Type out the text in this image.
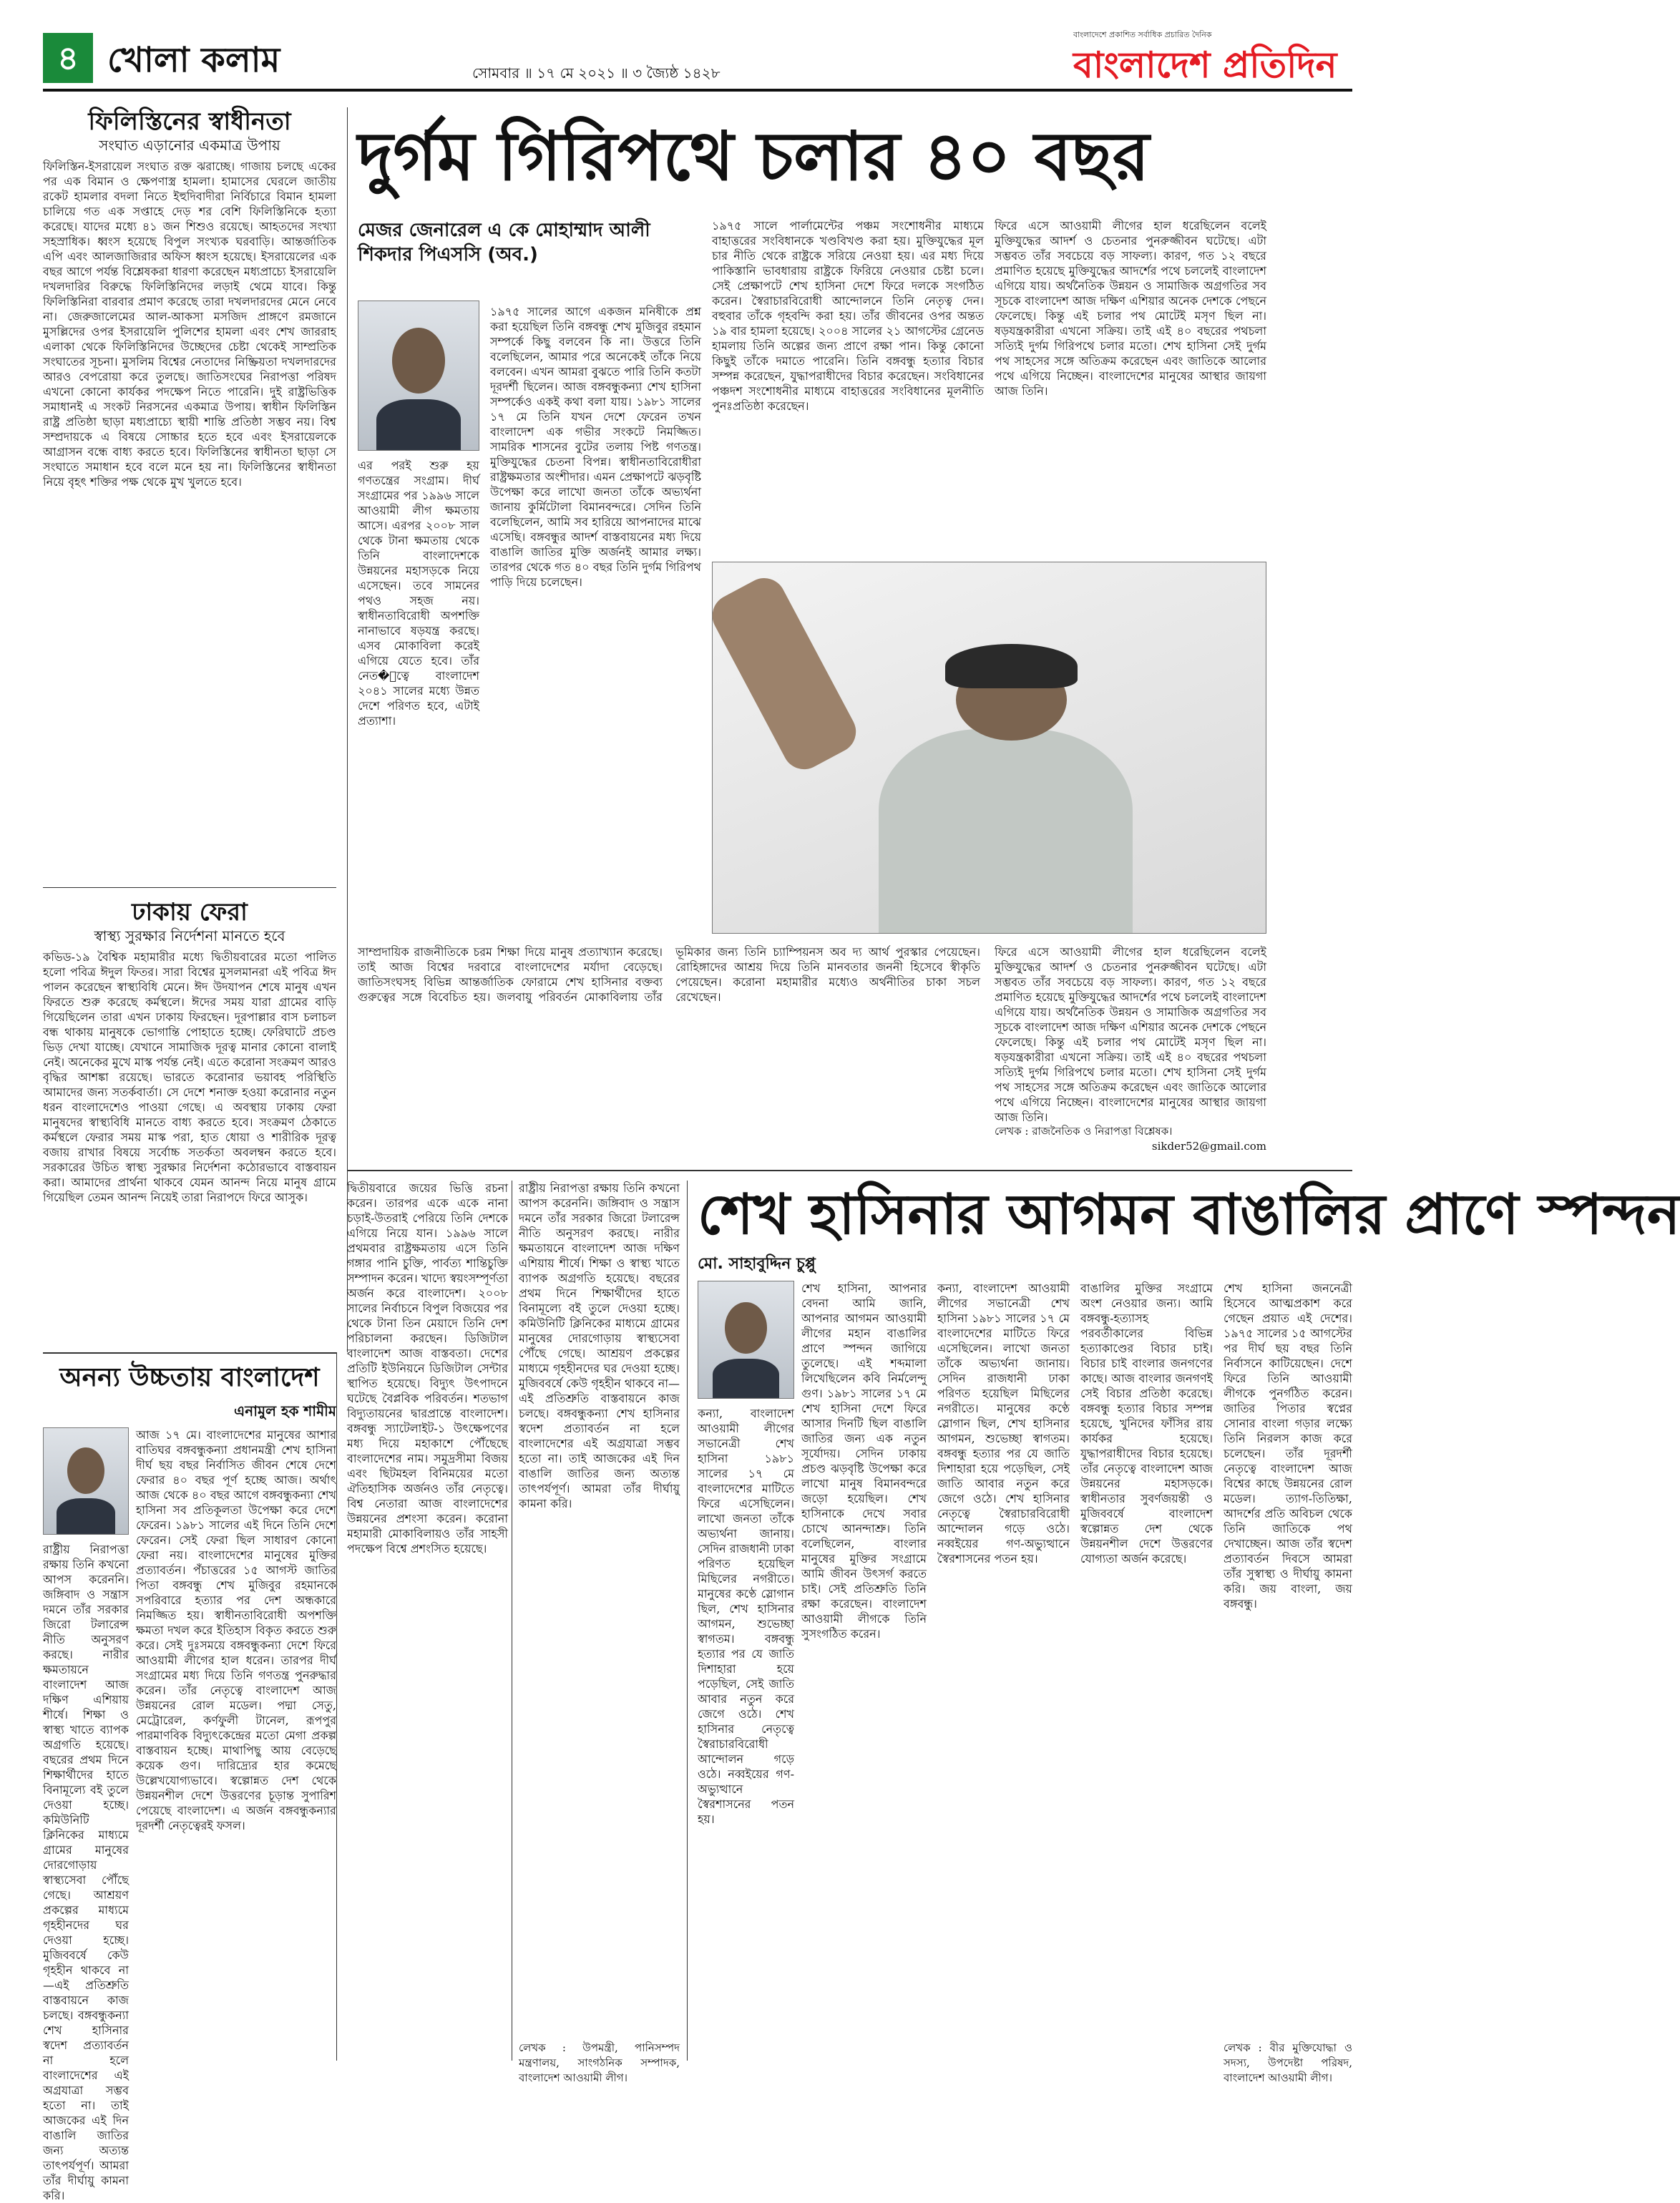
৪ খোলা কলাম	সোমবার ॥ ১৭ মে ২০২১ ॥ ৩ জ্যৈষ্ঠ ১৪২৮
বাংলাদেশে প্রকাশিত সর্বাধিক প্রচারিত দৈনিক
বাংলাদেশ প্রতিদিন
ফিলিস্তিনের স্বাধীনতা
সংঘাত এড়ানোর একমাত্র উপায়

ফিলিস্তিন-ইসরায়েল সংঘাত রক্ত ঝরাচ্ছে। গাজায় চলছে একের পর এক বিমান ও ক্ষেপণাস্ত্র হামলা। হামাসের ঘেরলে জাতীয় রকেট হামলার বদলা নিতে ইহুদিবাদীরা নির্বিচারে বিমান হামলা চালিয়ে গত এক সপ্তাহে দেড় শর বেশি ফিলিস্তিনিকে হত্যা করেছে। যাদের মধ্যে ৪১ জন শিশুও রয়েছে। আহতদের সংখ্যা সহস্রাধিক। ধ্বংস হয়েছে বিপুল সংখ্যক ঘরবাড়ি। আন্তর্জাতিক এপি এবং আলজাজিরার অফিস ধ্বংস হয়েছে। ইসরায়েলের এক বছর আগে পর্যন্ত বিশ্লেষকরা ধারণা করেছেন মধ্যপ্রাচ্যে ইসরায়েলি দখলদারির বিরুদ্ধে ফিলিস্তিনিদের লড়াই থেমে যাবে। কিন্তু ফিলিস্তিনিরা বারবার প্রমাণ করেছে তারা দখলদারদের মেনে নেবে না। জেরুজালেমের আল-আকসা মসজিদ প্রাঙ্গণে রমজানে মুসল্লিদের ওপর ইসরায়েলি পুলিশের হামলা এবং শেখ জাররাহ এলাকা থেকে ফিলিস্তিনিদের উচ্ছেদের চেষ্টা থেকেই সাম্প্রতিক সংঘাতের সূচনা। মুসলিম বিশ্বের নেতাদের নিষ্ক্রিয়তা দখলদারদের আরও বেপরোয়া করে তুলছে। জাতিসংঘের নিরাপত্তা পরিষদ এখনো কোনো কার্যকর পদক্ষেপ নিতে পারেনি। দুই রাষ্ট্রভিত্তিক সমাধানই এ সংকট নিরসনের একমাত্র উপায়। স্বাধীন ফিলিস্তিন রাষ্ট্র প্রতিষ্ঠা ছাড়া মধ্যপ্রাচ্যে স্থায়ী শান্তি প্রতিষ্ঠা সম্ভব নয়। বিশ্ব সম্প্রদায়কে এ বিষয়ে সোচ্চার হতে হবে এবং ইসরায়েলকে আগ্রাসন বন্ধে বাধ্য করতে হবে। ফিলিস্তিনের স্বাধীনতা ছাড়া সে সংঘাতে সমাধান হবে বলে মনে হয় না। ফিলিস্তিনের স্বাধীনতা নিয়ে বৃহৎ শক্তির পক্ষ থেকে মুখ খুলতে হবে।

ঢাকায় ফেরা
স্বাস্থ্য সুরক্ষার নির্দেশনা মানতে হবে

কভিড-১৯ বৈশ্বিক মহামারীর মধ্যে দ্বিতীয়বারের মতো পালিত হলো পবিত্র ঈদুল ফিতর। সারা বিশ্বের মুসলমানরা এই পবিত্র ঈদ পালন করেছেন স্বাস্থ্যবিধি মেনে। ঈদ উদযাপন শেষে মানুষ এখন ফিরতে শুরু করেছে কর্মস্থলে। ঈদের সময় যারা গ্রামের বাড়ি গিয়েছিলেন তারা এখন ঢাকায় ফিরছেন। দূরপাল্লার বাস চলাচল বন্ধ থাকায় মানুষকে ভোগান্তি পোহাতে হচ্ছে। ফেরিঘাটে প্রচণ্ড ভিড় দেখা যাচ্ছে। যেখানে সামাজিক দূরত্ব মানার কোনো বালাই নেই। অনেকের মুখে মাস্ক পর্যন্ত নেই। এতে করোনা সংক্রমণ আরও বৃদ্ধির আশঙ্কা রয়েছে। ভারতে করোনার ভয়াবহ পরিস্থিতি আমাদের জন্য সতর্কবার্তা। সে দেশে শনাক্ত হওয়া করোনার নতুন ধরন বাংলাদেশেও পাওয়া গেছে। এ অবস্থায় ঢাকায় ফেরা মানুষদের স্বাস্থ্যবিধি মানতে বাধ্য করতে হবে। সংক্রমণ ঠেকাতে কর্মস্থলে ফেরার সময় মাস্ক পরা, হাত ধোয়া ও শারীরিক দূরত্ব বজায় রাখার বিষয়ে সর্বোচ্চ সতর্কতা অবলম্বন করতে হবে। সরকারের উচিত স্বাস্থ্য সুরক্ষার নির্দেশনা কঠোরভাবে বাস্তবায়ন করা। আমাদের প্রার্থনা থাকবে যেমন আনন্দ নিয়ে মানুষ গ্রামে গিয়েছিল তেমন আনন্দ নিয়েই তারা নিরাপদে ফিরে আসুক।

দুর্গম গিরিপথে চলার ৪০ বছর
মেজর জেনারেল এ কে মোহাম্মাদ আলী শিকদার পিএসসি (অব.)

১৯৭৫ সালের আগে একজন মনিষীকে প্রশ্ন করা হয়েছিল তিনি বঙ্গবন্ধু শেখ মুজিবুর রহমান সম্পর্কে কিছু বলবেন কি না। উত্তরে তিনি বলেছিলেন, আমার পরে অনেকেই তাঁকে নিয়ে বলবেন। এখন আমরা বুঝতে পারি তিনি কতটা দূরদর্শী ছিলেন। আজ বঙ্গবন্ধুকন্যা শেখ হাসিনা সম্পর্কেও একই কথা বলা যায়। ১৯৮১ সালের ১৭ মে তিনি যখন দেশে ফেরেন তখন বাংলাদেশ এক গভীর সংকটে নিমজ্জিত। সামরিক শাসনের বুটের তলায় পিষ্ট গণতন্ত্র। মুক্তিযুদ্ধের চেতনা বিপন্ন। স্বাধীনতাবিরোধীরা রাষ্ট্রক্ষমতার অংশীদার। এমন প্রেক্ষাপটে ঝড়বৃষ্টি উপেক্ষা করে লাখো জনতা তাঁকে অভ্যর্থনা জানায় কুর্মিটোলা বিমানবন্দরে। সেদিন তিনি বলেছিলেন, আমি সব হারিয়ে আপনাদের মাঝে এসেছি। বঙ্গবন্ধুর আদর্শ বাস্তবায়নের মধ্য দিয়ে বাঙালি জাতির মুক্তি অর্জনই আমার লক্ষ্য। তারপর থেকে গত ৪০ বছর তিনি দুর্গম গিরিপথ পাড়ি দিয়ে চলেছেন।

এর পরই শুরু হয় গণতন্ত্রের সংগ্রাম। দীর্ঘ সংগ্রামের পর ১৯৯৬ সালে আওয়ামী লীগ ক্ষমতায় আসে। এরপর ২০০৮ সাল থেকে টানা ক্ষমতায় থেকে তিনি বাংলাদেশকে উন্নয়নের মহাসড়কে নিয়ে এসেছেন। তবে সামনের পথও সহজ নয়। স্বাধীনতাবিরোধী অপশক্তি নানাভাবে ষড়যন্ত্র করছে। এসব মোকাবিলা করেই এগিয়ে যেতে হবে। তাঁর নেত�ৃত্বে বাংলাদেশ ২০৪১ সালের মধ্যে উন্নত দেশে পরিণত হবে, এটাই প্রত্যাশা।

১৯৭৫ সালে পার্লামেন্টের পঞ্চম সংশোধনীর মাধ্যমে বাহাত্তরের সংবিধানকে খণ্ডবিখণ্ড করা হয়। মুক্তিযুদ্ধের মূল চার নীতি থেকে রাষ্ট্রকে সরিয়ে নেওয়া হয়। এর মধ্য দিয়ে পাকিস্তানি ভাবধারায় রাষ্ট্রকে ফিরিয়ে নেওয়ার চেষ্টা চলে। সেই প্রেক্ষাপটে শেখ হাসিনা দেশে ফিরে দলকে সংগঠিত করেন। স্বৈরাচারবিরোধী আন্দোলনে তিনি নেতৃত্ব দেন। বহুবার তাঁকে গৃহবন্দি করা হয়। তাঁর জীবনের ওপর অন্তত ১৯ বার হামলা হয়েছে। ২০০৪ সালের ২১ আগস্টের গ্রেনেড হামলায় তিনি অল্পের জন্য প্রাণে রক্ষা পান। কিন্তু কোনো কিছুই তাঁকে দমাতে পারেনি। তিনি বঙ্গবন্ধু হত্যার বিচার সম্পন্ন করেছেন, যুদ্ধাপরাধীদের বিচার করেছেন। সংবিধানের পঞ্চদশ সংশোধনীর মাধ্যমে বাহাত্তরের সংবিধানের মূলনীতি পুনঃপ্রতিষ্ঠা করেছেন।

ফিরে এসে আওয়ামী লীগের হাল ধরেছিলেন বলেই মুক্তিযুদ্ধের আদর্শ ও চেতনার পুনরুজ্জীবন ঘটেছে। এটা সম্ভবত তাঁর সবচেয়ে বড় সাফল্য। কারণ, গত ১২ বছরে প্রমাণিত হয়েছে মুক্তিযুদ্ধের আদর্শের পথে চললেই বাংলাদেশ এগিয়ে যায়। অর্থনৈতিক উন্নয়ন ও সামাজিক অগ্রগতির সব সূচকে বাংলাদেশ আজ দক্ষিণ এশিয়ার অনেক দেশকে পেছনে ফেলেছে। কিন্তু এই চলার পথ মোটেই মসৃণ ছিল না। ষড়যন্ত্রকারীরা এখনো সক্রিয়। তাই এই ৪০ বছরের পথচলা সত্যিই দুর্গম গিরিপথে চলার মতো। শেখ হাসিনা সেই দুর্গম পথ সাহসের সঙ্গে অতিক্রম করেছেন এবং জাতিকে আলোর পথে এগিয়ে নিচ্ছেন। বাংলাদেশের মানুষের আস্থার জায়গা আজ তিনি।

সাম্প্রদায়িক রাজনীতিকে চরম শিক্ষা দিয়ে মানুষ প্রত্যাখ্যান করেছে। তাই আজ বিশ্বের দরবারে বাংলাদেশের মর্যাদা বেড়েছে। জাতিসংঘসহ বিভিন্ন আন্তর্জাতিক ফোরামে শেখ হাসিনার বক্তব্য গুরুত্বের সঙ্গে বিবেচিত হয়। জলবায়ু পরিবর্তন মোকাবিলায় তাঁর ভূমিকার জন্য তিনি চ্যাম্পিয়নস অব দ্য আর্থ পুরস্কার পেয়েছেন। রোহিঙ্গাদের আশ্রয় দিয়ে তিনি মানবতার জননী হিসেবে স্বীকৃতি পেয়েছেন। করোনা মহামারীর মধ্যেও অর্থনীতির চাকা সচল রেখেছেন।

ফিরে এসে আওয়ামী লীগের হাল ধরেছিলেন বলেই মুক্তিযুদ্ধের আদর্শ ও চেতনার পুনরুজ্জীবন ঘটেছে। এটা সম্ভবত তাঁর সবচেয়ে বড় সাফল্য। কারণ, গত ১২ বছরে প্রমাণিত হয়েছে মুক্তিযুদ্ধের আদর্শের পথে চললেই বাংলাদেশ এগিয়ে যায়। অর্থনৈতিক উন্নয়ন ও সামাজিক অগ্রগতির সব সূচকে বাংলাদেশ আজ দক্ষিণ এশিয়ার অনেক দেশকে পেছনে ফেলেছে। কিন্তু এই চলার পথ মোটেই মসৃণ ছিল না। ষড়যন্ত্রকারীরা এখনো সক্রিয়। তাই এই ৪০ বছরের পথচলা সত্যিই দুর্গম গিরিপথে চলার মতো। শেখ হাসিনা সেই দুর্গম পথ সাহসের সঙ্গে অতিক্রম করেছেন এবং জাতিকে আলোর পথে এগিয়ে নিচ্ছেন। বাংলাদেশের মানুষের আস্থার জায়গা আজ তিনি।

লেখক : রাজনৈতিক ও নিরাপত্তা বিশ্লেষক।
sikder52@gmail.com
অনন্য উচ্চতায় বাংলাদেশ
এনামুল হক শামীম

আজ ১৭ মে। বাংলাদেশের মানুষের আশার বাতিঘর বঙ্গবন্ধুকন্যা প্রধানমন্ত্রী শেখ হাসিনা দীর্ঘ ছয় বছর নির্বাসিত জীবন শেষে দেশে ফেরার ৪০ বছর পূর্ণ হচ্ছে আজ। অর্থাৎ আজ থেকে ৪০ বছর আগে বঙ্গবন্ধুকন্যা শেখ হাসিনা সব প্রতিকূলতা উপেক্ষা করে দেশে ফেরেন। ১৯৮১ সালের এই দিনে তিনি দেশে ফেরেন। সেই ফেরা ছিল সাধারণ কোনো ফেরা নয়। বাংলাদেশের মানুষের মুক্তির প্রত্যাবর্তন। পঁচাত্তরের ১৫ আগস্ট জাতির পিতা বঙ্গবন্ধু শেখ মুজিবুর রহমানকে সপরিবারে হত্যার পর দেশ অন্ধকারে নিমজ্জিত হয়। স্বাধীনতাবিরোধী অপশক্তি ক্ষমতা দখল করে ইতিহাস বিকৃত করতে শুরু করে। সেই দুঃসময়ে বঙ্গবন্ধুকন্যা দেশে ফিরে আওয়ামী লীগের হাল ধরেন। তারপর দীর্ঘ সংগ্রামের মধ্য দিয়ে তিনি গণতন্ত্র পুনরুদ্ধার করেন। তাঁর নেতৃত্বে বাংলাদেশ আজ উন্নয়নের রোল মডেল। পদ্মা সেতু, মেট্রোরেল, কর্ণফুলী টানেল, রূপপুর পারমাণবিক বিদ্যুৎকেন্দ্রের মতো মেগা প্রকল্প বাস্তবায়ন হচ্ছে। মাথাপিছু আয় বেড়েছে কয়েক গুণ। দারিদ্র্যের হার কমেছে উল্লেখযোগ্যভাবে। স্বল্পোন্নত দেশ থেকে উন্নয়নশীল দেশে উত্তরণের চূড়ান্ত সুপারিশ পেয়েছে বাংলাদেশ। এ অর্জন বঙ্গবন্ধুকন্যার দূরদর্শী নেতৃত্বেরই ফসল।

রাষ্ট্রীয় নিরাপত্তা রক্ষায় তিনি কখনো আপস করেননি। জঙ্গিবাদ ও সন্ত্রাস দমনে তাঁর সরকার জিরো টলারেন্স নীতি অনুসরণ করছে। নারীর ক্ষমতায়নে বাংলাদেশ আজ দক্ষিণ এশিয়ায় শীর্ষে। শিক্ষা ও স্বাস্থ্য খাতে ব্যাপক অগ্রগতি হয়েছে। বছরের প্রথম দিনে শিক্ষার্থীদের হাতে বিনামূল্যে বই তুলে দেওয়া হচ্ছে। কমিউনিটি ক্লিনিকের মাধ্যমে গ্রামের মানুষের দোরগোড়ায় স্বাস্থ্যসেবা পৌঁছে গেছে। আশ্রয়ণ প্রকল্পের মাধ্যমে গৃহহীনদের ঘর দেওয়া হচ্ছে। মুজিববর্ষে কেউ গৃহহীন থাকবে না—এই প্রতিশ্রুতি বাস্তবায়নে কাজ চলছে। বঙ্গবন্ধুকন্যা শেখ হাসিনার স্বদেশ প্রত্যাবর্তন না হলে বাংলাদেশের এই অগ্রযাত্রা সম্ভব হতো না। তাই আজকের এই দিন বাঙালি জাতির জন্য অত্যন্ত তাৎপর্যপূর্ণ। আমরা তাঁর দীর্ঘায়ু কামনা করি।

দ্বিতীয়বারে জয়ের ভিত্তি রচনা করেন। তারপর একে একে নানা চড়াই-উতরাই পেরিয়ে তিনি দেশকে এগিয়ে নিয়ে যান। ১৯৯৬ সালে প্রথমবার রাষ্ট্রক্ষমতায় এসে তিনি গঙ্গার পানি চুক্তি, পার্বত্য শান্তিচুক্তি সম্পাদন করেন। খাদ্যে স্বয়ংসম্পূর্ণতা অর্জন করে বাংলাদেশ। ২০০৮ সালের নির্বাচনে বিপুল বিজয়ের পর থেকে টানা তিন মেয়াদে তিনি দেশ পরিচালনা করছেন। ডিজিটাল বাংলাদেশ আজ বাস্তবতা। দেশের প্রতিটি ইউনিয়নে ডিজিটাল সেন্টার স্থাপিত হয়েছে। বিদ্যুৎ উৎপাদনে ঘটেছে বৈপ্লবিক পরিবর্তন। শতভাগ বিদ্যুতায়নের দ্বারপ্রান্তে বাংলাদেশ। বঙ্গবন্ধু স্যাটেলাইট-১ উৎক্ষেপণের মধ্য দিয়ে মহাকাশে পৌঁছেছে বাংলাদেশের নাম। সমুদ্রসীমা বিজয় এবং ছিটমহল বিনিময়ের মতো ঐতিহাসিক অর্জনও তাঁর নেতৃত্বে। বিশ্ব নেতারা আজ বাংলাদেশের উন্নয়নের প্রশংসা করেন। করোনা মহামারী মোকাবিলায়ও তাঁর সাহসী পদক্ষেপ বিশ্বে প্রশংসিত হয়েছে।

রাষ্ট্রীয় নিরাপত্তা রক্ষায় তিনি কখনো আপস করেননি। জঙ্গিবাদ ও সন্ত্রাস দমনে তাঁর সরকার জিরো টলারেন্স নীতি অনুসরণ করছে। নারীর ক্ষমতায়নে বাংলাদেশ আজ দক্ষিণ এশিয়ায় শীর্ষে। শিক্ষা ও স্বাস্থ্য খাতে ব্যাপক অগ্রগতি হয়েছে। বছরের প্রথম দিনে শিক্ষার্থীদের হাতে বিনামূল্যে বই তুলে দেওয়া হচ্ছে। কমিউনিটি ক্লিনিকের মাধ্যমে গ্রামের মানুষের দোরগোড়ায় স্বাস্থ্যসেবা পৌঁছে গেছে। আশ্রয়ণ প্রকল্পের মাধ্যমে গৃহহীনদের ঘর দেওয়া হচ্ছে। মুজিববর্ষে কেউ গৃহহীন থাকবে না—এই প্রতিশ্রুতি বাস্তবায়নে কাজ চলছে। বঙ্গবন্ধুকন্যা শেখ হাসিনার স্বদেশ প্রত্যাবর্তন না হলে বাংলাদেশের এই অগ্রযাত্রা সম্ভব হতো না। তাই আজকের এই দিন বাঙালি জাতির জন্য অত্যন্ত তাৎপর্যপূর্ণ। আমরা তাঁর দীর্ঘায়ু কামনা করি।

লেখক : উপমন্ত্রী, পানিসম্পদ মন্ত্রণালয়, সাংগঠনিক সম্পাদক, বাংলাদেশ আওয়ামী লীগ।
শেখ হাসিনার আগমন বাঙালির প্রাণে স্পন্দন
মো. সাহাবুদ্দিন চুপ্পু

শেখ হাসিনা, আপনার বেদনা আমি জানি, আপনার আগমন আওয়ামী লীগের মহান বাঙালির প্রাণে স্পন্দন জাগিয়ে তুলেছে। এই শব্দমালা লিখেছিলেন কবি নির্মলেন্দু গুণ। ১৯৮১ সালের ১৭ মে শেখ হাসিনা দেশে ফিরে আসার দিনটি ছিল বাঙালি জাতির জন্য এক নতুন সূর্যোদয়। সেদিন ঢাকায় প্রচণ্ড ঝড়বৃষ্টি উপেক্ষা করে লাখো মানুষ বিমানবন্দরে জড়ো হয়েছিল। শেখ হাসিনাকে দেখে সবার চোখে আনন্দাশ্রু। তিনি বলেছিলেন, বাংলার মানুষের মুক্তির সংগ্রামে আমি জীবন উৎসর্গ করতে চাই। সেই প্রতিশ্রুতি তিনি রক্ষা করেছেন। বাংলাদেশ আওয়ামী লীগকে তিনি সুসংগঠিত করেন।

কন্যা, বাংলাদেশ আওয়ামী লীগের সভানেত্রী শেখ হাসিনা ১৯৮১ সালের ১৭ মে বাংলাদেশের মাটিতে ফিরে এসেছিলেন। লাখো জনতা তাঁকে অভ্যর্থনা জানায়। সেদিন রাজধানী ঢাকা পরিণত হয়েছিল মিছিলের নগরীতে। মানুষের কণ্ঠে স্লোগান ছিল, শেখ হাসিনার আগমন, শুভেচ্ছা স্বাগতম। বঙ্গবন্ধু হত্যার পর যে জাতি দিশাহারা হয়ে পড়েছিল, সেই জাতি আবার নতুন করে জেগে ওঠে। শেখ হাসিনার নেতৃত্বে স্বৈরাচারবিরোধী আন্দোলন গড়ে ওঠে। নব্বইয়ের গণ-অভ্যুত্থানে স্বৈরশাসনের পতন হয়।

কন্যা, বাংলাদেশ আওয়ামী লীগের সভানেত্রী শেখ হাসিনা ১৯৮১ সালের ১৭ মে বাংলাদেশের মাটিতে ফিরে এসেছিলেন। লাখো জনতা তাঁকে অভ্যর্থনা জানায়। সেদিন রাজধানী ঢাকা পরিণত হয়েছিল মিছিলের নগরীতে। মানুষের কণ্ঠে স্লোগান ছিল, শেখ হাসিনার আগমন, শুভেচ্ছা স্বাগতম। বঙ্গবন্ধু হত্যার পর যে জাতি দিশাহারা হয়ে পড়েছিল, সেই জাতি আবার নতুন করে জেগে ওঠে। শেখ হাসিনার নেতৃত্বে স্বৈরাচারবিরোধী আন্দোলন গড়ে ওঠে। নব্বইয়ের গণ-অভ্যুত্থানে স্বৈরশাসনের পতন হয়।

বাঙালির মুক্তির সংগ্রামে অংশ নেওয়ার জন্য। আমি বঙ্গবন্ধু-হত্যাসহ পরবর্তীকালের বিভিন্ন হত্যাকাণ্ডের বিচার চাই। বিচার চাই বাংলার জনগণের কাছে। আজ বাংলার জনগণই সেই বিচার প্রতিষ্ঠা করেছে। বঙ্গবন্ধু হত্যার বিচার সম্পন্ন হয়েছে, খুনিদের ফাঁসির রায় কার্যকর হয়েছে। যুদ্ধাপরাধীদের বিচার হয়েছে। তাঁর নেতৃত্বে বাংলাদেশ আজ উন্নয়নের মহাসড়কে। স্বাধীনতার সুবর্ণজয়ন্তী ও মুজিববর্ষে বাংলাদেশ স্বল্পোন্নত দেশ থেকে উন্নয়নশীল দেশে উত্তরণের যোগ্যতা অর্জন করেছে।

শেখ হাসিনা জননেত্রী হিসেবে আত্মপ্রকাশ করে গেছেন প্রয়াত এই দেশের। ১৯৭৫ সালের ১৫ আগস্টের পর দীর্ঘ ছয় বছর তিনি নির্বাসনে কাটিয়েছেন। দেশে ফিরে তিনি আওয়ামী লীগকে পুনর্গঠিত করেন। জাতির পিতার স্বপ্নের সোনার বাংলা গড়ার লক্ষ্যে তিনি নিরলস কাজ করে চলেছেন। তাঁর দূরদর্শী নেতৃত্বে বাংলাদেশ আজ বিশ্বের কাছে উন্নয়নের রোল মডেল। ত্যাগ-তিতিক্ষা, আদর্শের প্রতি অবিচল থেকে তিনি জাতিকে পথ দেখাচ্ছেন। আজ তাঁর স্বদেশ প্রত্যাবর্তন দিবসে আমরা তাঁর সুস্বাস্থ্য ও দীর্ঘায়ু কামনা করি। জয় বাংলা, জয় বঙ্গবন্ধু।

লেখক : বীর মুক্তিযোদ্ধা ও সদস্য, উপদেষ্টা পরিষদ, বাংলাদেশ আওয়ামী লীগ।
